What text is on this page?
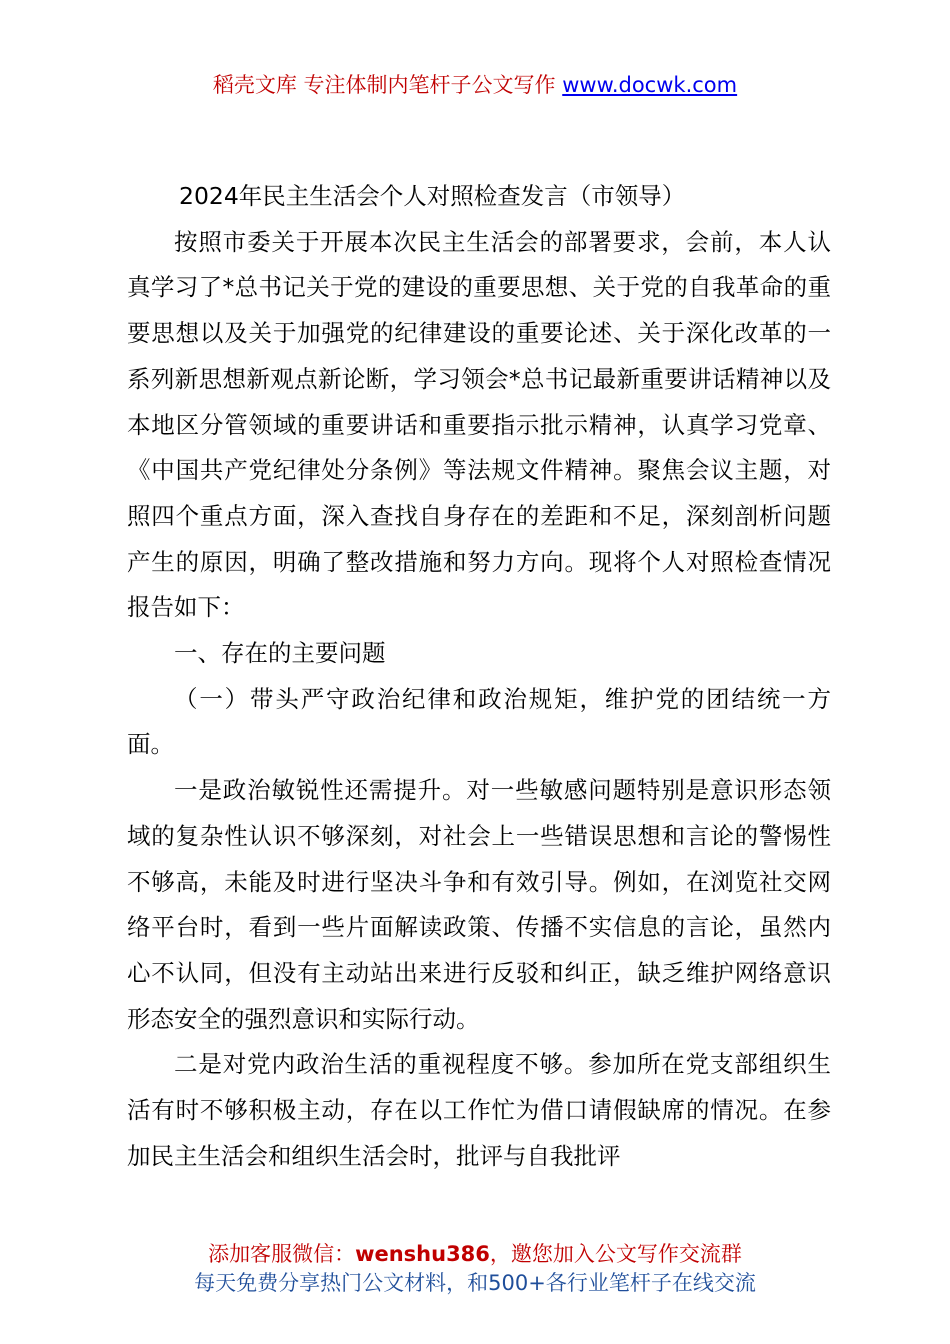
稻壳文库 专注体制内笔杆子公文写作 www.docwk.com

2024年民主生活会个人对照检查发言（市领导）

按照市委关于开展本次民主生活会的部署要求，会前，本人认真学习了*总书记关于党的建设的重要思想、关于党的自我革命的重要思想以及关于加强党的纪律建设的重要论述、关于深化改革的一系列新思想新观点新论断，学习领会*总书记最新重要讲话精神以及本地区分管领域的重要讲话和重要指示批示精神，认真学习党章、《中国共产党纪律处分条例》等法规文件精神。聚焦会议主题，对照四个重点方面，深入查找自身存在的差距和不足，深刻剖析问题产生的原因，明确了整改措施和努力方向。现将个人对照检查情况报告如下：

一、存在的主要问题

（一）带头严守政治纪律和政治规矩，维护党的团结统一方面。

一是政治敏锐性还需提升。对一些敏感问题特别是意识形态领域的复杂性认识不够深刻，对社会上一些错误思想和言论的警惕性不够高，未能及时进行坚决斗争和有效引导。例如，在浏览社交网络平台时，看到一些片面解读政策、传播不实信息的言论，虽然内心不认同，但没有主动站出来进行反驳和纠正，缺乏维护网络意识形态安全的强烈意识和实际行动。

二是对党内政治生活的重视程度不够。参加所在党支部组织生活有时不够积极主动，存在以工作忙为借口请假缺席的情况。在参加民主生活会和组织生活会时，批评与自我批评

添加客服微信：wenshu386，邀您加入公文写作交流群
每天免费分享热门公文材料，和500+各行业笔杆子在线交流
